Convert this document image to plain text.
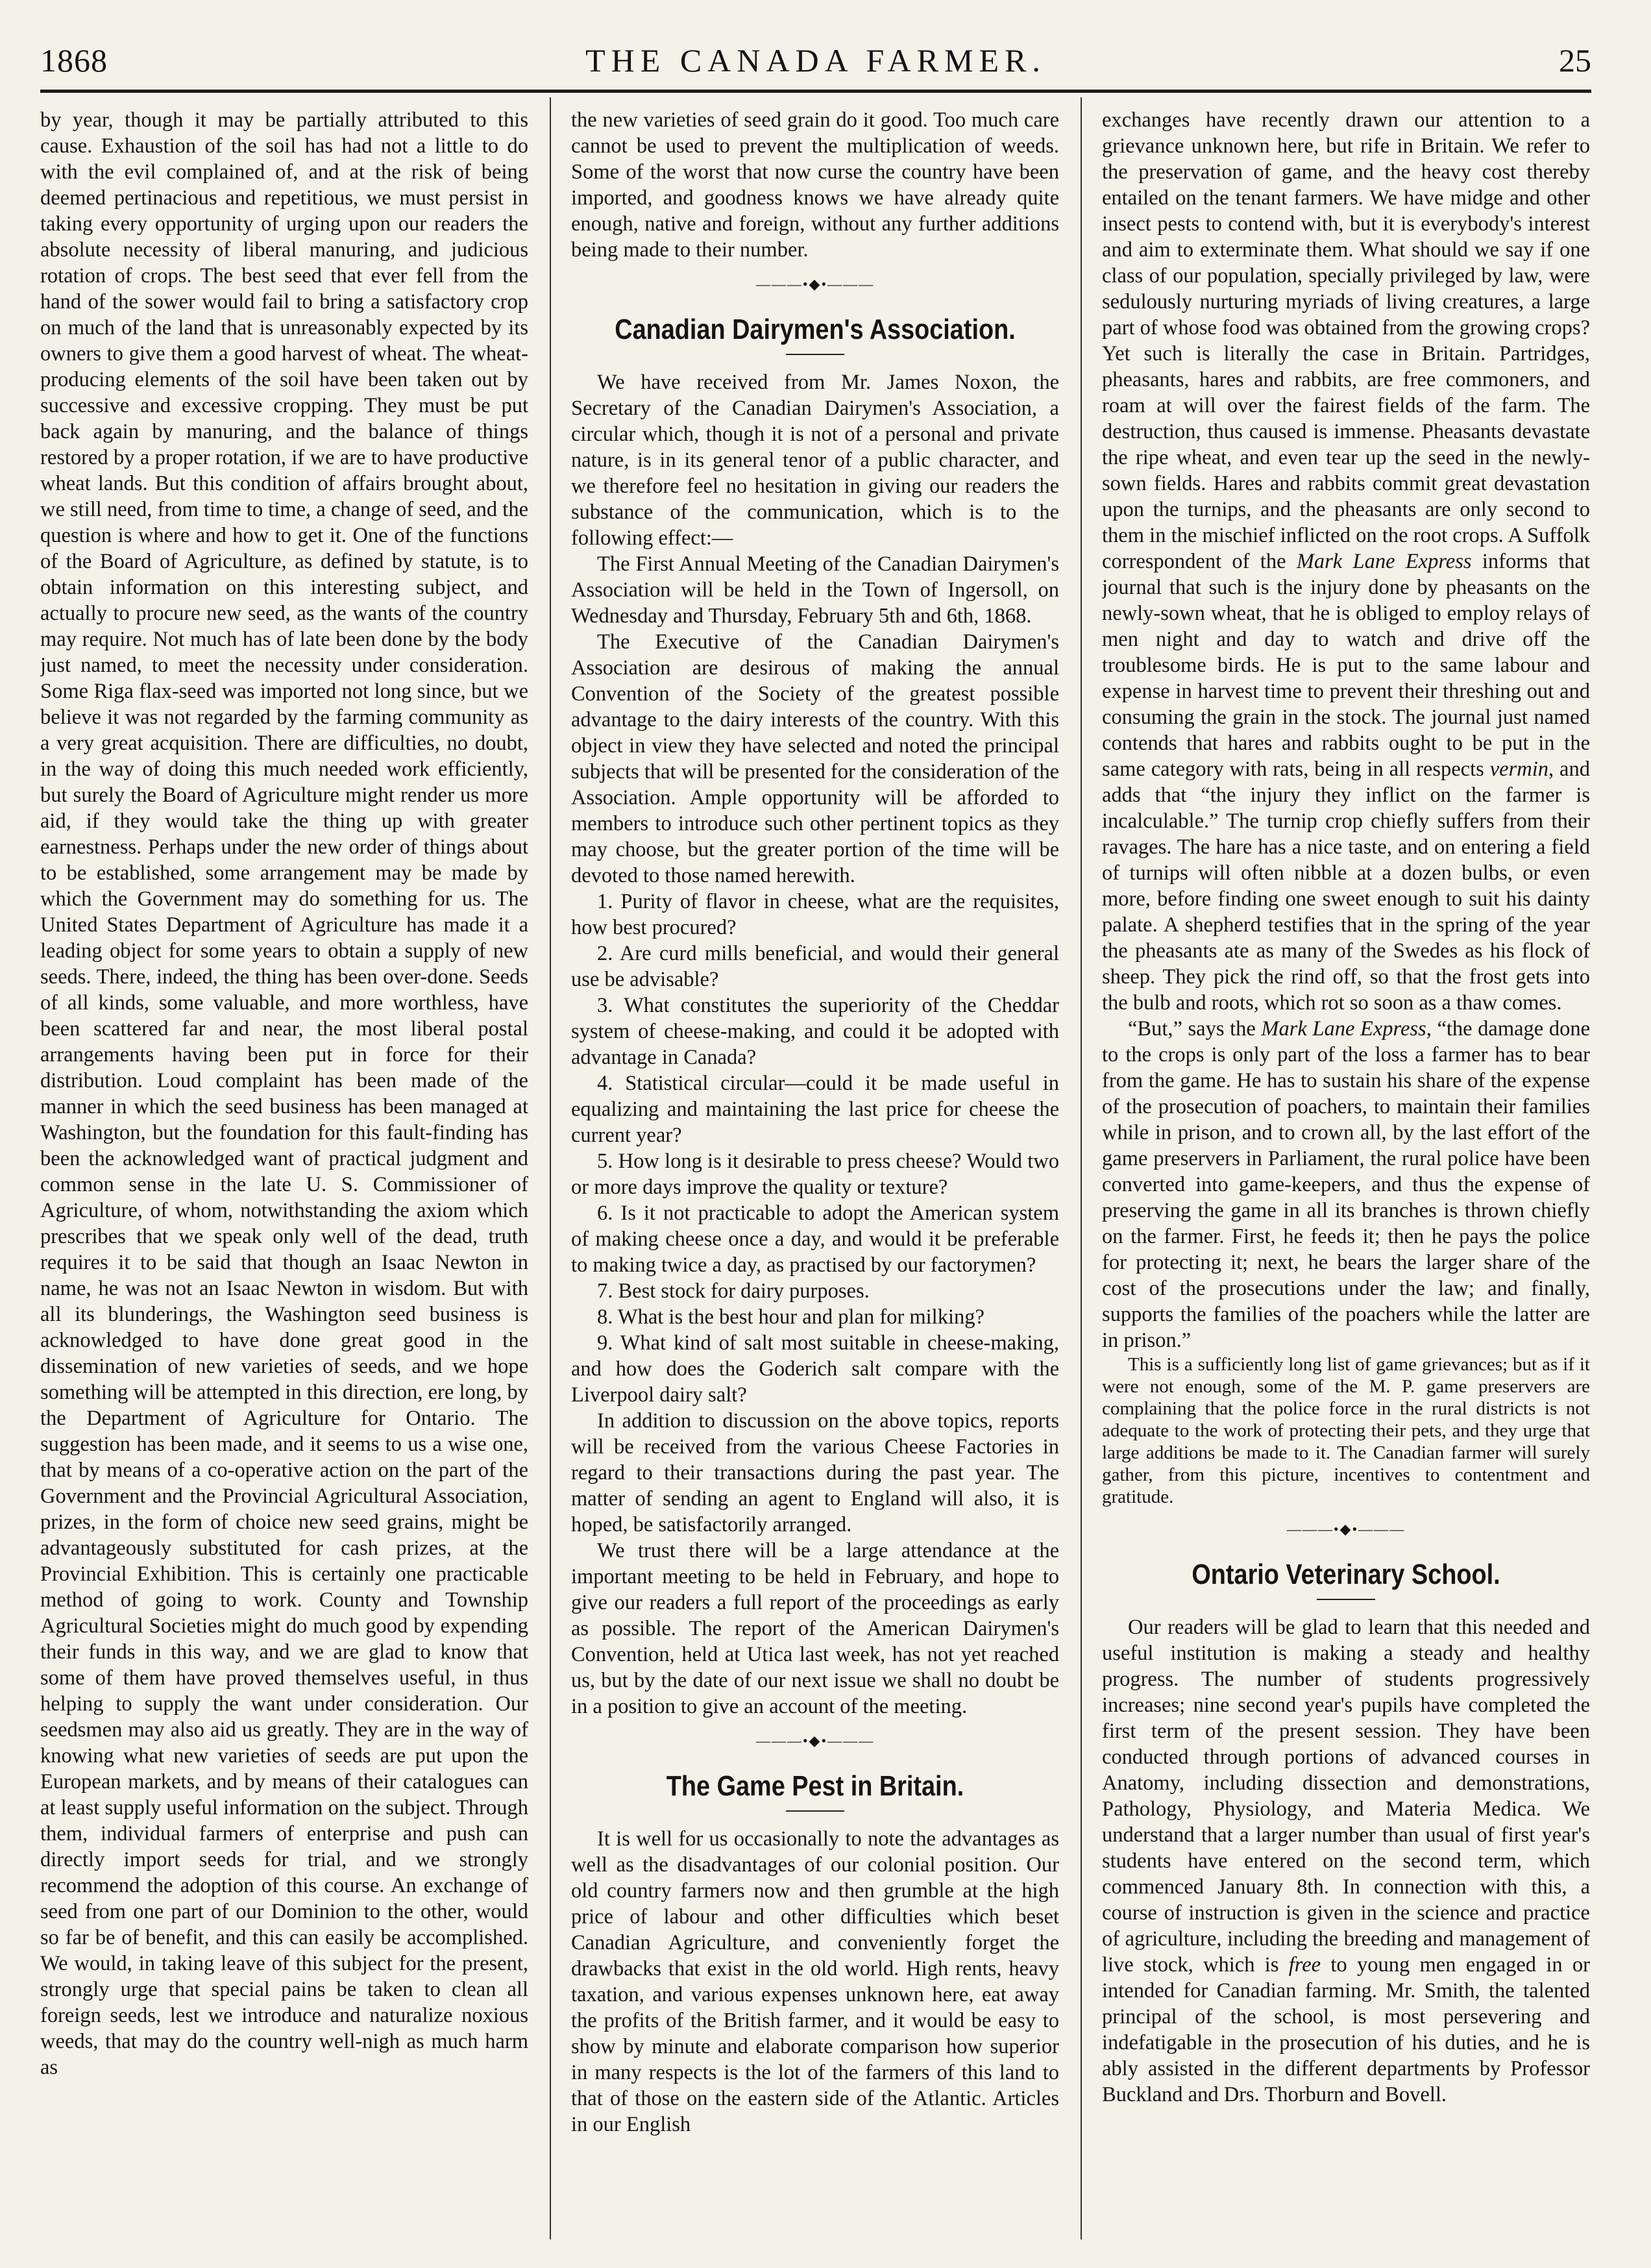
1868	THE CANADA FARMER.	25

by year, though it may be partially attributed to this cause. Exhaustion of the soil has had not a little to do with the evil complained of, and at the risk of being deemed pertinacious and repetitious, we must persist in taking every opportunity of urging upon our readers the absolute necessity of liberal manuring, and judicious rotation of crops. The best seed that ever fell from the hand of the sower would fail to bring a satisfactory crop on much of the land that is unreasonably expected by its owners to give them a good harvest of wheat. The wheat-producing elements of the soil have been taken out by successive and excessive cropping. They must be put back again by manuring, and the balance of things restored by a proper rotation, if we are to have productive wheat lands. But this condition of affairs brought about, we still need, from time to time, a change of seed, and the question is where and how to get it. One of the functions of the Board of Agriculture, as defined by statute, is to obtain information on this interesting subject, and actually to procure new seed, as the wants of the country may require. Not much has of late been done by the body just named, to meet the necessity under consideration. Some Riga flax-seed was imported not long since, but we believe it was not regarded by the farming community as a very great acquisition. There are difficulties, no doubt, in the way of doing this much needed work efficiently, but surely the Board of Agriculture might render us more aid, if they would take the thing up with greater earnestness. Perhaps under the new order of things about to be established, some arrangement may be made by which the Government may do something for us. The United States Department of Agriculture has made it a leading object for some years to obtain a supply of new seeds. There, indeed, the thing has been over-done. Seeds of all kinds, some valuable, and more worthless, have been scattered far and near, the most liberal postal arrangements having been put in force for their distribution. Loud complaint has been made of the manner in which the seed business has been managed at Washington, but the foundation for this fault-finding has been the acknowledged want of practical judgment and common sense in the late U. S. Commissioner of Agriculture, of whom, notwithstanding the axiom which prescribes that we speak only well of the dead, truth requires it to be said that though an Isaac Newton in name, he was not an Isaac Newton in wisdom. But with all its blunderings, the Washington seed business is acknowledged to have done great good in the dissemination of new varieties of seeds, and we hope something will be attempted in this direction, ere long, by the Department of Agriculture for Ontario. The suggestion has been made, and it seems to us a wise one, that by means of a co-operative action on the part of the Government and the Provincial Agricultural Association, prizes, in the form of choice new seed grains, might be advantageously substituted for cash prizes, at the Provincial Exhibition. This is certainly one practicable method of going to work. County and Township Agricultural Societies might do much good by expending their funds in this way, and we are glad to know that some of them have proved themselves useful, in thus helping to supply the want under consideration. Our seedsmen may also aid us greatly. They are in the way of knowing what new varieties of seeds are put upon the European markets, and by means of their catalogues can at least supply useful information on the subject. Through them, individual farmers of enterprise and push can directly import seeds for trial, and we strongly recommend the adoption of this course. An exchange of seed from one part of our Dominion to the other, would so far be of benefit, and this can easily be accomplished. We would, in taking leave of this subject for the present, strongly urge that special pains be taken to clean all foreign seeds, lest we introduce and naturalize noxious weeds, that may do the country well-nigh as much harm as

the new varieties of seed grain do it good. Too much care cannot be used to prevent the multiplication of weeds. Some of the worst that now curse the country have been imported, and goodness knows we have already quite enough, native and foreign, without any further additions being made to their number.

———•◆•———
Canadian Dairymen's Association.

We have received from Mr. James Noxon, the Secretary of the Canadian Dairymen's Association, a circular which, though it is not of a personal and private nature, is in its general tenor of a public character, and we therefore feel no hesitation in giving our readers the substance of the communication, which is to the following effect:—

The First Annual Meeting of the Canadian Dairymen's Association will be held in the Town of Ingersoll, on Wednesday and Thursday, February 5th and 6th, 1868.

The Executive of the Canadian Dairymen's Association are desirous of making the annual Convention of the Society of the greatest possible advantage to the dairy interests of the country. With this object in view they have selected and noted the principal subjects that will be presented for the consideration of the Association. Ample opportunity will be afforded to members to introduce such other pertinent topics as they may choose, but the greater portion of the time will be devoted to those named herewith.

1. Purity of flavor in cheese, what are the requisites, how best procured?

2. Are curd mills beneficial, and would their general use be advisable?

3. What constitutes the superiority of the Cheddar system of cheese-making, and could it be adopted with advantage in Canada?

4. Statistical circular—could it be made useful in equalizing and maintaining the last price for cheese the current year?

5. How long is it desirable to press cheese? Would two or more days improve the quality or texture?

6. Is it not practicable to adopt the American system of making cheese once a day, and would it be preferable to making twice a day, as practised by our factorymen?

7. Best stock for dairy purposes.

8. What is the best hour and plan for milking?

9. What kind of salt most suitable in cheese-making, and how does the Goderich salt compare with the Liverpool dairy salt?

In addition to discussion on the above topics, reports will be received from the various Cheese Factories in regard to their transactions during the past year. The matter of sending an agent to England will also, it is hoped, be satisfactorily arranged.

We trust there will be a large attendance at the important meeting to be held in February, and hope to give our readers a full report of the proceedings as early as possible. The report of the American Dairymen's Convention, held at Utica last week, has not yet reached us, but by the date of our next issue we shall no doubt be in a position to give an account of the meeting.

———•◆•———
The Game Pest in Britain.

It is well for us occasionally to note the advantages as well as the disadvantages of our colonial position. Our old country farmers now and then grumble at the high price of labour and other difficulties which beset Canadian Agriculture, and conveniently forget the drawbacks that exist in the old world. High rents, heavy taxation, and various expenses unknown here, eat away the profits of the British farmer, and it would be easy to show by minute and elaborate comparison how superior in many respects is the lot of the farmers of this land to that of those on the eastern side of the Atlantic. Articles in our English

exchanges have recently drawn our attention to a grievance unknown here, but rife in Britain. We refer to the preservation of game, and the heavy cost thereby entailed on the tenant farmers. We have midge and other insect pests to contend with, but it is everybody's interest and aim to exterminate them. What should we say if one class of our population, specially privileged by law, were sedulously nurturing myriads of living creatures, a large part of whose food was obtained from the growing crops? Yet such is literally the case in Britain. Partridges, pheasants, hares and rabbits, are free commoners, and roam at will over the fairest fields of the farm. The destruction, thus caused is immense. Pheasants devastate the ripe wheat, and even tear up the seed in the newly-sown fields. Hares and rabbits commit great devastation upon the turnips, and the pheasants are only second to them in the mischief inflicted on the root crops. A Suffolk correspondent of the Mark Lane Express informs that journal that such is the injury done by pheasants on the newly-sown wheat, that he is obliged to employ relays of men night and day to watch and drive off the troublesome birds. He is put to the same labour and expense in harvest time to prevent their threshing out and consuming the grain in the stock. The journal just named contends that hares and rabbits ought to be put in the same category with rats, being in all respects vermin, and adds that “the injury they inflict on the farmer is incalculable.” The turnip crop chiefly suffers from their ravages. The hare has a nice taste, and on entering a field of turnips will often nibble at a dozen bulbs, or even more, before finding one sweet enough to suit his dainty palate. A shepherd testifies that in the spring of the year the pheasants ate as many of the Swedes as his flock of sheep. They pick the rind off, so that the frost gets into the bulb and roots, which rot so soon as a thaw comes.

“But,” says the Mark Lane Express, “the damage done to the crops is only part of the loss a farmer has to bear from the game. He has to sustain his share of the expense of the prosecution of poachers, to maintain their families while in prison, and to crown all, by the last effort of the game preservers in Parliament, the rural police have been converted into game-keepers, and thus the expense of preserving the game in all its branches is thrown chiefly on the farmer. First, he feeds it; then he pays the police for protecting it; next, he bears the larger share of the cost of the prosecutions under the law; and finally, supports the families of the poachers while the latter are in prison.”

This is a sufficiently long list of game grievances; but as if it were not enough, some of the M. P. game preservers are complaining that the police force in the rural districts is not adequate to the work of protecting their pets, and they urge that large additions be made to it. The Canadian farmer will surely gather, from this picture, incentives to contentment and gratitude.

———•◆•———
Ontario Veterinary School.

Our readers will be glad to learn that this needed and useful institution is making a steady and healthy progress. The number of students progressively increases; nine second year's pupils have completed the first term of the present session. They have been conducted through portions of advanced courses in Anatomy, including dissection and demonstrations, Pathology, Physiology, and Materia Medica. We understand that a larger number than usual of first year's students have entered on the second term, which commenced January 8th. In connection with this, a course of instruction is given in the science and practice of agriculture, including the breeding and management of live stock, which is free to young men engaged in or intended for Canadian farming. Mr. Smith, the talented principal of the school, is most persevering and indefatigable in the prosecution of his duties, and he is ably assisted in the different departments by Professor Buckland and Drs. Thorburn and Bovell.
